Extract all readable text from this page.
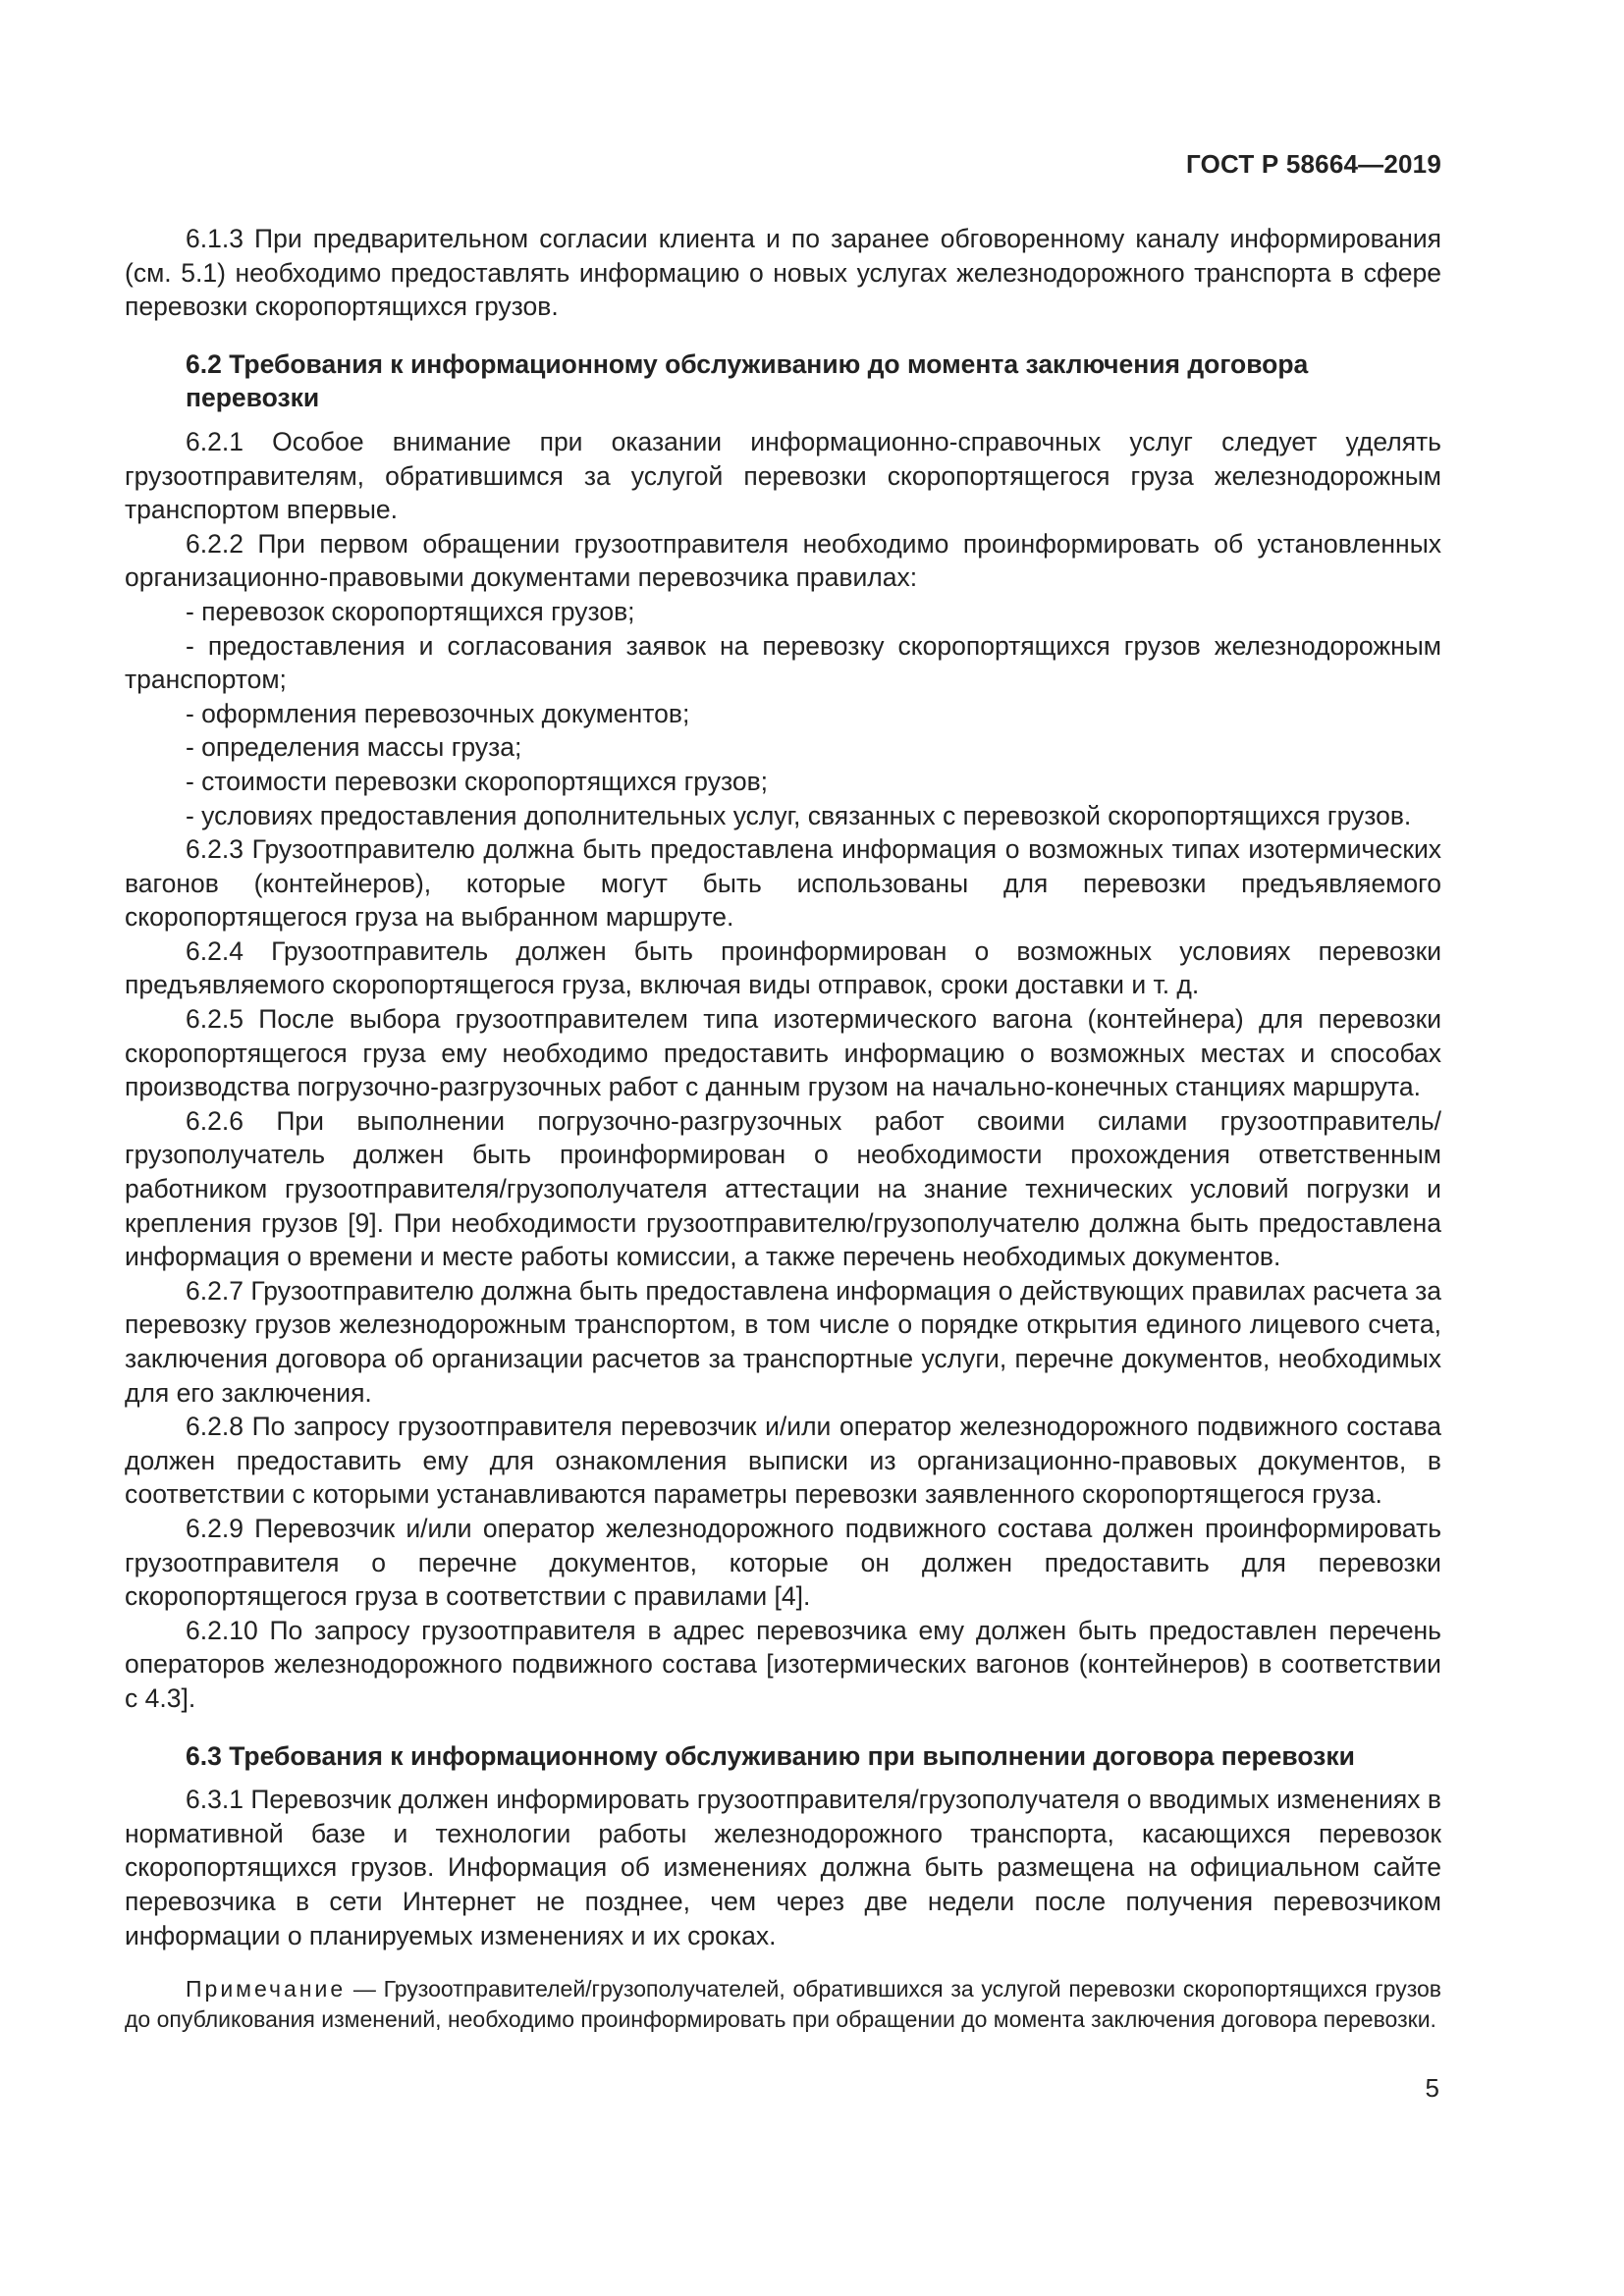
ГОСТ Р 58664—2019

6.1.3 При предварительном согласии клиента и по заранее обговоренному каналу информирования (см. 5.1) необходимо предоставлять информацию о новых услугах железнодорожного транспорта в сфере перевозки скоропортящихся грузов.

6.2 Требования к информационному обслуживанию до момента заключения договора перевозки

6.2.1 Особое внимание при оказании информационно-справочных услуг следует уделять грузоотправителям, обратившимся за услугой перевозки скоропортящегося груза железнодорожным транспортом впервые.

6.2.2 При первом обращении грузоотправителя необходимо проинформировать об установленных организационно-правовыми документами перевозчика правилах:

- перевозок скоропортящихся грузов;

- предоставления и согласования заявок на перевозку скоропортящихся грузов железнодорожным транспортом;

- оформления перевозочных документов;

- определения массы груза;

- стоимости перевозки скоропортящихся грузов;

- условиях предоставления дополнительных услуг, связанных с перевозкой скоропортящихся грузов.

6.2.3 Грузоотправителю должна быть предоставлена информация о возможных типах изотермических вагонов (контейнеров), которые могут быть использованы для перевозки предъявляемого скоропортящегося груза на выбранном маршруте.

6.2.4 Грузоотправитель должен быть проинформирован о возможных условиях перевозки предъявляемого скоропортящегося груза, включая виды отправок, сроки доставки и т. д.

6.2.5 После выбора грузоотправителем типа изотермического вагона (контейнера) для перевозки скоропортящегося груза ему необходимо предоставить информацию о возможных местах и способах производства погрузочно-разгрузочных работ с данным грузом на начально-конечных станциях маршрута.

6.2.6 При выполнении погрузочно-разгрузочных работ своими силами грузоотправитель/грузополучатель должен быть проинформирован о необходимости прохождения ответственным работником грузоотправителя/грузополучателя аттестации на знание технических условий погрузки и крепления грузов [9]. При необходимости грузоотправителю/грузополучателю должна быть предоставлена информация о времени и месте работы комиссии, а также перечень необходимых документов.

6.2.7 Грузоотправителю должна быть предоставлена информация о действующих правилах расчета за перевозку грузов железнодорожным транспортом, в том числе о порядке открытия единого лицевого счета, заключения договора об организации расчетов за транспортные услуги, перечне документов, необходимых для его заключения.

6.2.8 По запросу грузоотправителя перевозчик и/или оператор железнодорожного подвижного состава должен предоставить ему для ознакомления выписки из организационно-правовых документов, в соответствии с которыми устанавливаются параметры перевозки заявленного скоропортящегося груза.

6.2.9 Перевозчик и/или оператор железнодорожного подвижного состава должен проинформировать грузоотправителя о перечне документов, которые он должен предоставить для перевозки скоропортящегося груза в соответствии с правилами [4].

6.2.10 По запросу грузоотправителя в адрес перевозчика ему должен быть предоставлен перечень операторов железнодорожного подвижного состава [изотермических вагонов (контейнеров) в соответствии с 4.3].

6.3 Требования к информационному обслуживанию при выполнении договора перевозки

6.3.1 Перевозчик должен информировать грузоотправителя/грузополучателя о вводимых изменениях в нормативной базе и технологии работы железнодорожного транспорта, касающихся перевозок скоропортящихся грузов. Информация об изменениях должна быть размещена на официальном сайте перевозчика в сети Интернет не позднее, чем через две недели после получения перевозчиком информации о планируемых изменениях и их сроках.

Примечание — Грузоотправителей/грузополучателей, обратившихся за услугой перевозки скоропортящихся грузов до опубликования изменений, необходимо проинформировать при обращении до момента заключения договора перевозки.

5
